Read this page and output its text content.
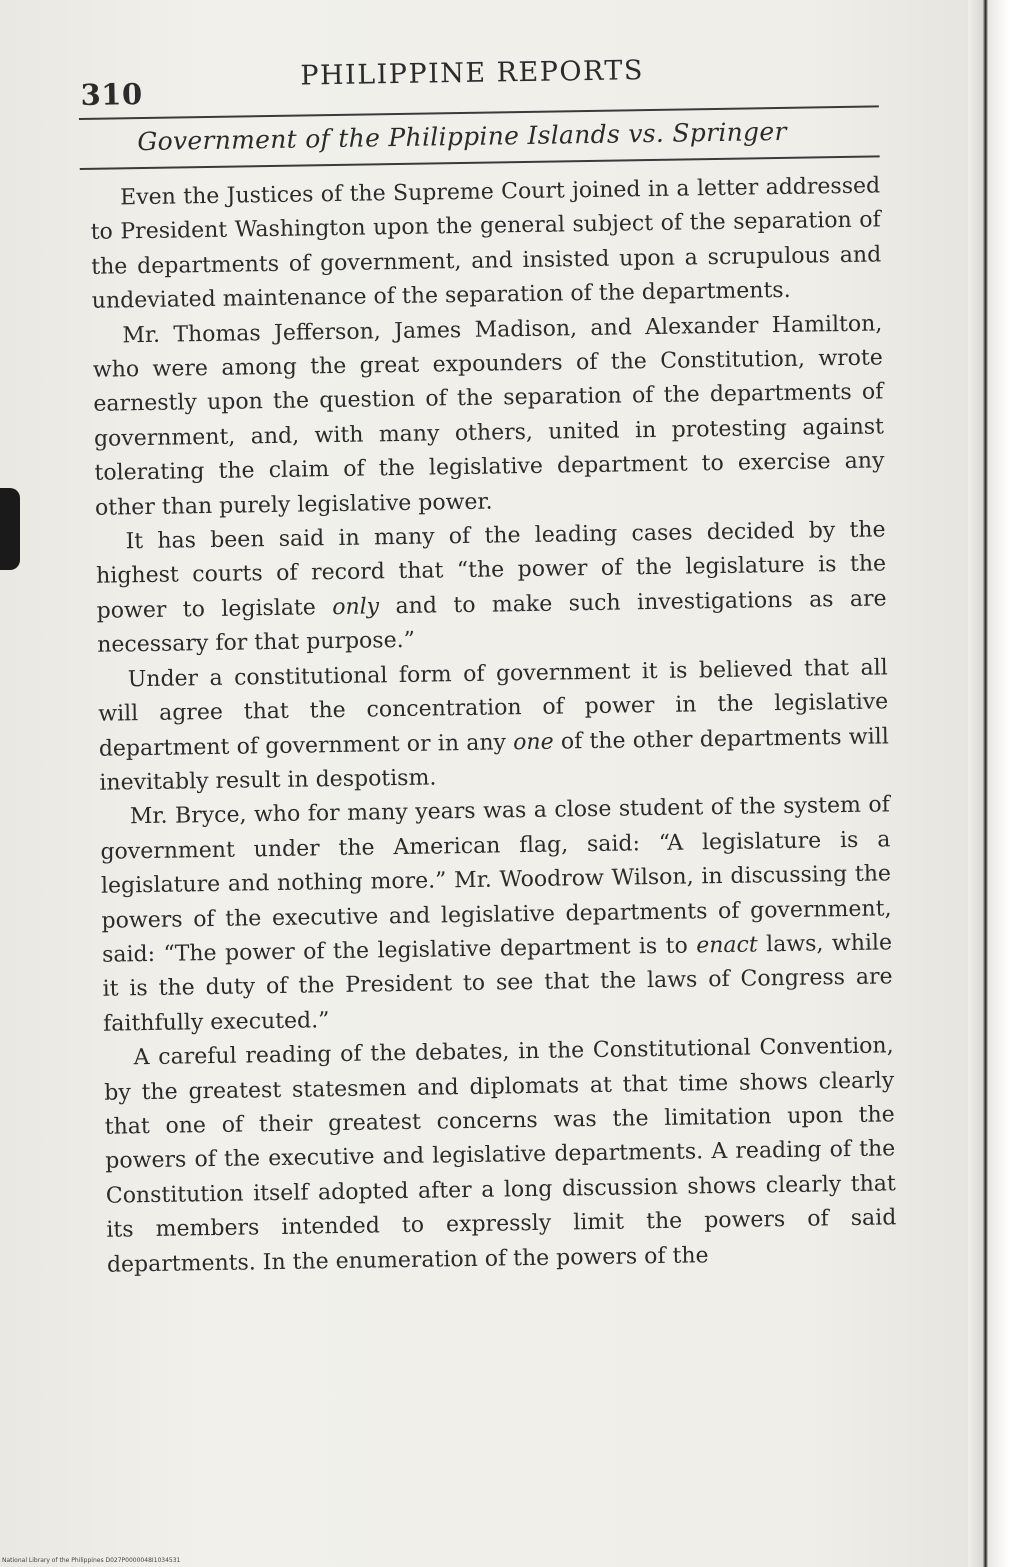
310
PHILIPPINE REPORTS
Government of the Philippine Islands vs. Springer

Even the Justices of the Supreme Court joined in a letter addressed to President Washington upon the general subject of the separation of the departments of government, and insisted upon a scrupulous and undeviated maintenance of the separation of the departments.

Mr. Thomas Jefferson, James Madison, and Alexander Hamilton, who were among the great expounders of the Constitution, wrote earnestly upon the question of the separation of the departments of government, and, with many others, united in protesting against tolerating the claim of the legislative department to exercise any other than purely legislative power.

It has been said in many of the leading cases decided by the highest courts of record that “the power of the legislature is the power to legislate only and to make such investigations as are necessary for that purpose.”

Under a constitutional form of government it is believed that all will agree that the concentration of power in the legislative department of government or in any one of the other departments will inevitably result in despotism.

Mr. Bryce, who for many years was a close student of the system of government under the American flag, said: “A legislature is a legislature and nothing more.” Mr. Woodrow Wilson, in discussing the powers of the executive and legislative departments of government, said: “The power of the legislative department is to enact laws, while it is the duty of the President to see that the laws of Congress are faithfully executed.”

A careful reading of the debates, in the Constitutional Convention, by the greatest statesmen and diplomats at that time shows clearly that one of their greatest concerns was the limitation upon the powers of the executive and legislative departments. A reading of the Constitution itself adopted after a long discussion shows clearly that its members intended to expressly limit the powers of said departments. In the enumeration of the powers of the

National Library of the Philippines D027P0000048I1034531
